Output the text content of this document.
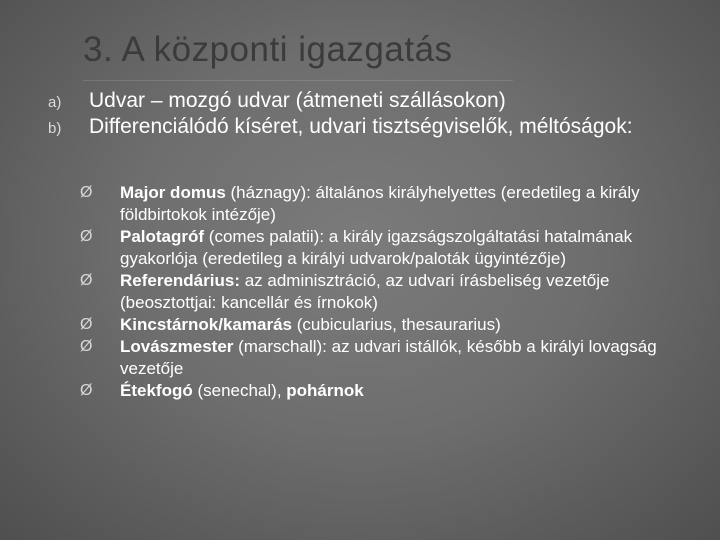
3. A központi igazgatás
a) Udvar – mozgó udvar (átmeneti szállásokon)
b) Differenciálódó kíséret, udvari tisztségviselők, méltóságok:
Ø Major domus (háznagy): általános királyhelyettes (eredetileg a király földbirtokok intézője)
Ø Palotagróf (comes palatii): a király igazságszolgáltatási hatalmának gyakorlója (eredetileg a királyi udvarok/paloták ügyintézője)
Ø Referendárius: az adminisztráció, az udvari írásbeliség vezetője (beosztottjai: kancellár és írnokok)
Ø Kincstárnok/kamarás (cubicularius, thesaurarius)
Ø Lovászmester (marschall): az udvari istállók, később a királyi lovagság vezetője
Ø Étekfogó (senechal), pohárnok
